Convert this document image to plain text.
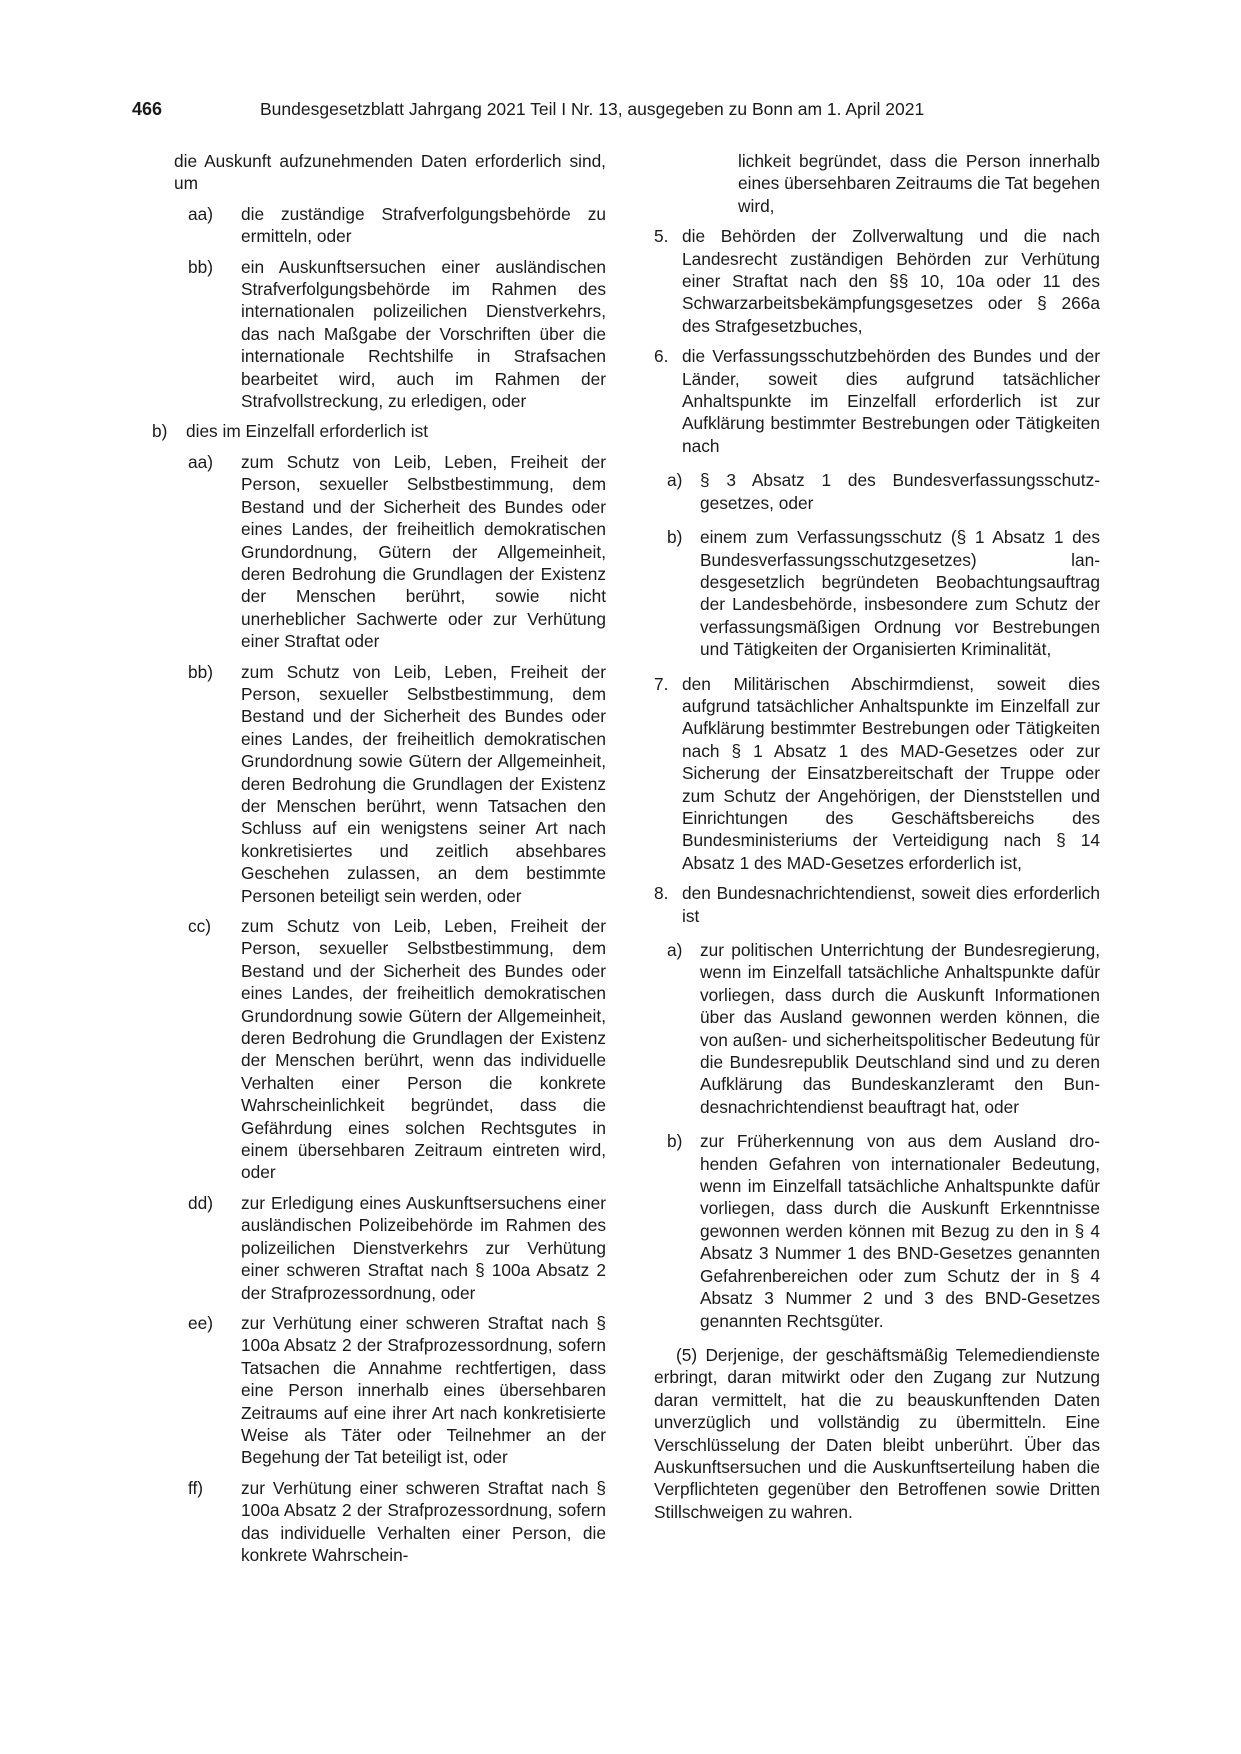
466	Bundesgesetzblatt Jahrgang 2021 Teil I Nr. 13, ausgegeben zu Bonn am 1. April 2021

die Auskunft aufzunehmenden Daten erforderlich sind, um

aa) die zuständige Strafverfolgungsbehörde zu ermitteln, oder
bb) ein Auskunftsersuchen einer ausländischen Strafverfolgungsbehörde im Rahmen des internationalen polizeilichen Dienstverkehrs, das nach Maßgabe der Vorschriften über die internationale Rechtshilfe in Strafsachen bearbeitet wird, auch im Rahmen der Strafvollstreckung, zu erledigen, oder
b) dies im Einzelfall erforderlich ist
aa) zum Schutz von Leib, Leben, Freiheit der Person, sexueller Selbstbestimmung, dem Bestand und der Sicherheit des Bundes oder eines Landes, der freiheitlich demokratischen Grundordnung, Gütern der Allgemeinheit, deren Bedrohung die Grundlagen der Existenz der Menschen berührt, sowie nicht unerheblicher Sachwerte oder zur Verhütung einer Straftat oder
bb) zum Schutz von Leib, Leben, Freiheit der Person, sexueller Selbstbestimmung, dem Bestand und der Sicherheit des Bundes oder eines Landes, der freiheitlich demokratischen Grundordnung sowie Gütern der Allgemeinheit, deren Bedrohung die Grundlagen der Existenz der Menschen berührt, wenn Tatsachen den Schluss auf ein wenigstens seiner Art nach konkretisiertes und zeitlich absehbares Geschehen zulassen, an dem bestimmte Personen beteiligt sein werden, oder
cc) zum Schutz von Leib, Leben, Freiheit der Person, sexueller Selbstbestimmung, dem Bestand und der Sicherheit des Bundes oder eines Landes, der freiheitlich demokratischen Grundordnung sowie Gütern der Allgemeinheit, deren Bedrohung die Grundlagen der Existenz der Menschen berührt, wenn das individuelle Verhalten einer Person die konkrete Wahrscheinlichkeit begründet, dass die Gefährdung eines solchen Rechtsgutes in einem übersehbaren Zeitraum eintreten wird, oder
dd) zur Erledigung eines Auskunftsersuchens einer ausländischen Polizeibehörde im Rahmen des polizeilichen Dienstverkehrs zur Verhütung einer schweren Straftat nach § 100a Absatz 2 der Strafprozessordnung, oder
ee) zur Verhütung einer schweren Straftat nach § 100a Absatz 2 der Strafprozessordnung, sofern Tatsachen die Annahme rechtfertigen, dass eine Person innerhalb eines übersehbaren Zeitraums auf eine ihrer Art nach konkretisierte Weise als Täter oder Teilnehmer an der Begehung der Tat beteiligt ist, oder
ff) zur Verhütung einer schweren Straftat nach § 100a Absatz 2 der Strafprozessordnung, sofern das individuelle Verhalten einer Person, die konkrete Wahrschein-

lichkeit begründet, dass die Person innerhalb eines übersehbaren Zeitraums die Tat begehen wird,

5. die Behörden der Zollverwaltung und die nach Landesrecht zuständigen Behörden zur Verhütung einer Straftat nach den §§ 10, 10a oder 11 des Schwarzarbeitsbekämpfungsgesetzes oder § 266a des Strafgesetzbuches,
6. die Verfassungsschutzbehörden des Bundes und der Länder, soweit dies aufgrund tatsächlicher Anhaltspunkte im Einzelfall erforderlich ist zur Aufklärung bestimmter Bestrebungen oder Tätigkeiten nach
a) § 3 Absatz 1 des Bundesverfassungsschutzgesetzes, oder
b) einem zum Verfassungsschutz (§ 1 Absatz 1 des Bundesverfassungsschutzgesetzes) landesgesetzlich begründeten Beobachtungsauftrag der Landesbehörde, insbesondere zum Schutz der verfassungsmäßigen Ordnung vor Bestrebungen und Tätigkeiten der Organisierten Kriminalität,
7. den Militärischen Abschirmdienst, soweit dies aufgrund tatsächlicher Anhaltspunkte im Einzelfall zur Aufklärung bestimmter Bestrebungen oder Tätigkeiten nach § 1 Absatz 1 des MAD-Gesetzes oder zur Sicherung der Einsatzbereitschaft der Truppe oder zum Schutz der Angehörigen, der Dienststellen und Einrichtungen des Geschäftsbereichs des Bundesministeriums der Verteidigung nach § 14 Absatz 1 des MAD-Gesetzes erforderlich ist,
8. den Bundesnachrichtendienst, soweit dies erforderlich ist
a) zur politischen Unterrichtung der Bundesregierung, wenn im Einzelfall tatsächliche Anhaltspunkte dafür vorliegen, dass durch die Auskunft Informationen über das Ausland gewonnen werden können, die von außen- und sicherheitspolitischer Bedeutung für die Bundesrepublik Deutschland sind und zu deren Aufklärung das Bundeskanzleramt den Bundesnachrichtendienst beauftragt hat, oder
b) zur Früherkennung von aus dem Ausland drohenden Gefahren von internationaler Bedeutung, wenn im Einzelfall tatsächliche Anhaltspunkte dafür vorliegen, dass durch die Auskunft Erkenntnisse gewonnen werden können mit Bezug zu den in § 4 Absatz 3 Nummer 1 des BND-Gesetzes genannten Gefahrenbereichen oder zum Schutz der in § 4 Absatz 3 Nummer 2 und 3 des BND-Gesetzes genannten Rechtsgüter.

(5) Derjenige, der geschäftsmäßig Telemediendienste erbringt, daran mitwirkt oder den Zugang zur Nutzung daran vermittelt, hat die zu beauskunftenden Daten unverzüglich und vollständig zu übermitteln. Eine Verschlüsselung der Daten bleibt unberührt. Über das Auskunftsersuchen und die Auskunftserteilung haben die Verpflichteten gegenüber den Betroffenen sowie Dritten Stillschweigen zu wahren.
